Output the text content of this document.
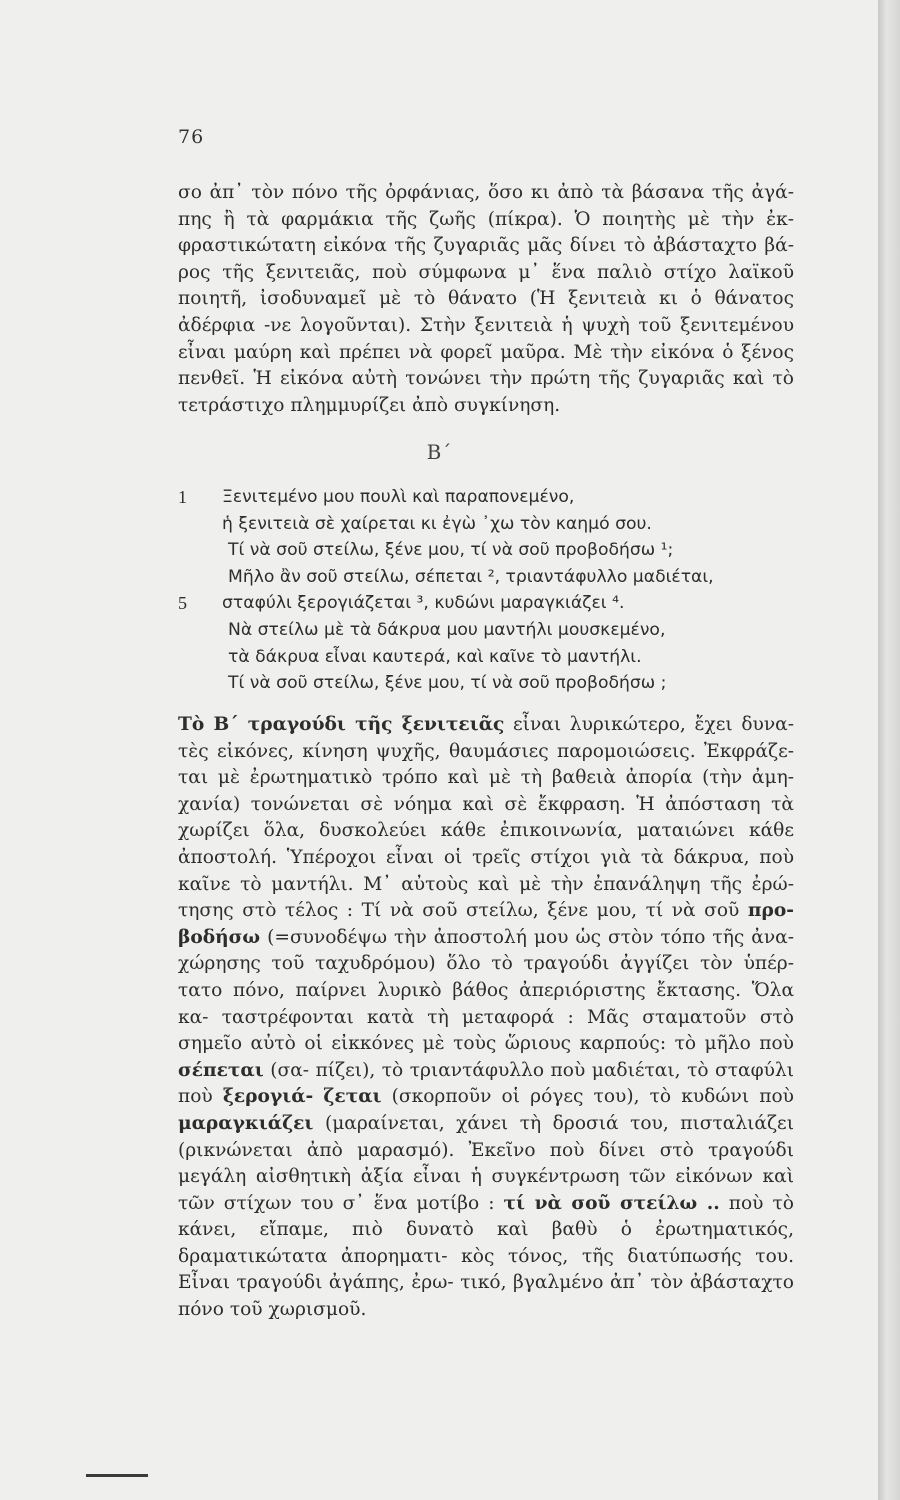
76

σο ἀπ᾽ τὸν πόνο τῆς ὀρφάνιας, ὅσο κι ἀπὸ τὰ βάσανα τῆς ἀγά- πης ἢ τὰ φαρμάκια τῆς ζωῆς (πίκρα). Ὁ ποιητὴς μὲ τὴν ἐκ- φραστικώτατη εἰκόνα τῆς ζυγαριᾶς μᾶς δίνει τὸ ἀβάσταχτο βά- ρος τῆς ξενιτειᾶς, ποὺ σύμφωνα μ᾽ ἕνα παλιὸ στίχο λαϊκοῦ ποιητῆ, ἰσοδυναμεῖ μὲ τὸ θάνατο (Ἡ ξενιτειὰ κι ὁ θάνατος ἀδέρφια -νε λογοῦνται). Στὴν ξενιτειὰ ἡ ψυχὴ τοῦ ξενιτεμένου εἶναι μαύρη καὶ πρέπει νὰ φορεῖ μαῦρα. Μὲ τὴν εἰκόνα ὁ ξένος πενθεῖ. Ἡ εἰκόνα αὐτὴ τονώνει τὴν πρώτη τῆς ζυγαριᾶς καὶ τὸ τετράστιχο πλημμυρίζει ἀπὸ συγκίνηση.

Β΄
1	Ξενιτεμένο μου πουλὶ καὶ παραπονεμένο,
ἡ ξενιτειὰ σὲ χαίρεται κι ἐγὼ ᾽χω τὸν καημό σου.
Τί νὰ σοῦ στείλω, ξένε μου, τί νὰ σοῦ προβοδήσω ¹;
Μῆλο ἂν σοῦ στείλω, σέπεται ², τριαντάφυλλο μαδιέται,
5	σταφύλι ξερογιάζεται ³, κυδώνι μαραγκιάζει ⁴.
Νὰ στείλω μὲ τὰ δάκρυα μου μαντήλι μουσκεμένο,
τὰ δάκρυα εἶναι καυτερά, καὶ καῖνε τὸ μαντήλι.
Τί νὰ σοῦ στείλω, ξένε μου, τί νὰ σοῦ προβοδήσω ;

Τὸ Β΄ τραγούδι τῆς ξενιτειᾶς εἶναι λυρικώτερο, ἔχει δυνα- τὲς εἰκόνες, κίνηση ψυχῆς, θαυμάσιες παρομοιώσεις. Ἐκφράζε- ται μὲ ἐρωτηματικὸ τρόπο καὶ μὲ τὴ βαθειὰ ἀπορία (τὴν ἀμη- χανία) τονώνεται σὲ νόημα καὶ σὲ ἔκφραση. Ἡ ἀπόσταση τὰ χωρίζει ὅλα, δυσκολεύει κάθε ἐπικοινωνία, ματαιώνει κάθε ἀποστολή. Ὑπέροχοι εἶναι οἱ τρεῖς στίχοι γιὰ τὰ δάκρυα, ποὺ καῖνε τὸ μαντήλι. Μ᾽ αὐτοὺς καὶ μὲ τὴν ἐπανάληψη τῆς ἐρώ- τησης στὸ τέλος : Τί νὰ σοῦ στείλω, ξένε μου, τί νὰ σοῦ προ- βοδήσω (=συνοδέψω τὴν ἀποστολή μου ὡς στὸν τόπο τῆς ἀνα- χώρησης τοῦ ταχυδρόμου) ὅλο τὸ τραγούδι ἀγγίζει τὸν ὑπέρ- τατο πόνο, παίρνει λυρικὸ βάθος ἀπεριόριστης ἔκτασης. Ὅλα κα- ταστρέφονται κατὰ τὴ μεταφορά : Μᾶς σταματοῦν στὸ σημεῖο αὐτὸ οἱ εἰκκόνες μὲ τοὺς ὥριους καρπούς: τὸ μῆλο ποὺ σέπεται (σα- πίζει), τὸ τριαντάφυλλο ποὺ μαδιέται, τὸ σταφύλι ποὺ ξερογιά- ζεται (σκορποῦν οἱ ρόγες του), τὸ κυδώνι ποὺ μαραγκιάζει (μαραίνεται, χάνει τὴ δροσιά του, πισταλιάζει (ρικνώνεται ἀπὸ μαρασμό). Ἐκεῖνο ποὺ δίνει στὸ τραγούδι μεγάλη αἰσθητικὴ ἀξία εἶναι ἡ συγκέντρωση τῶν εἰκόνων καὶ τῶν στίχων του σ᾽ ἕνα μοτίβο : τί νὰ σοῦ στείλω .. ποὺ τὸ κάνει, εἴπαμε, πιὸ δυνατὸ καὶ βαθὺ ὁ ἐρωτηματικός, δραματικώτατα ἀπορηματι- κὸς τόνος, τῆς διατύπωσής του. Εἶναι τραγούδι ἀγάπης, ἐρω- τικό, βγαλμένο ἀπ᾽ τὸν ἀβάσταχτο πόνο τοῦ χωρισμοῦ.
